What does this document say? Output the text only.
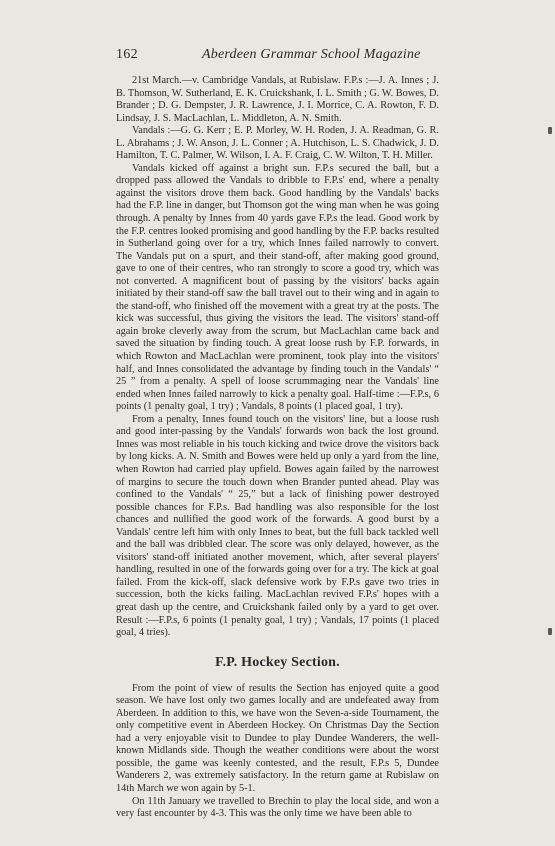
162	Aberdeen Grammar School Magazine

21st March.—v. Cambridge Vandals, at Rubislaw. F.P.s :—J. A. Innes ; J. B. Thomson, W. Sutherland, E. K. Cruickshank, I. L. Smith ; G. W. Bowes, D. Brander ; D. G. Dempster, J. R. Lawrence, J. I. Morrice, C. A. Rowton, F. D. Lindsay, J. S. MacLachlan, L. Middleton, A. N. Smith.

Vandals :—G. G. Kerr ; E. P. Morley, W. H. Roden, J. A. Readman, G. R. L. Abrahams ; J. W. Anson, J. L. Conner ; A. Hutchison, L. S. Chadwick, J. D. Hamilton, T. C. Palmer, W. Wilson, I. A. F. Craig, C. W. Wilton, T. H. Miller.

Vandals kicked off against a bright sun. F.P.s secured the ball, but a dropped pass allowed the Vandals to dribble to F.P.s' end, where a penalty against the visitors drove them back. Good handling by the Vandals' backs had the F.P. line in danger, but Thomson got the wing man when he was going through. A penalty by Innes from 40 yards gave F.P.s the lead. Good work by the F.P. centres looked promising and good handling by the F.P. backs resulted in Sutherland going over for a try, which Innes failed narrowly to convert. The Vandals put on a spurt, and their stand-off, after making good ground, gave to one of their centres, who ran strongly to score a good try, which was not converted. A magnificent bout of passing by the visitors' backs again initiated by their stand-off saw the ball travel out to their wing and in again to the stand-off, who finished off the movement with a great try at the posts. The kick was successful, thus giving the visitors the lead. The visitors' stand-off again broke cleverly away from the scrum, but MacLachlan came back and saved the situation by finding touch. A great loose rush by F.P. forwards, in which Rowton and MacLachlan were prominent, took play into the visitors' half, and Innes consolidated the advantage by finding touch in the Vandals' “ 25 ” from a penalty. A spell of loose scrummaging near the Vandals' line ended when Innes failed narrowly to kick a penalty goal. Half-time :—F.P.s, 6 points (1 penalty goal, 1 try) ; Vandals, 8 points (1 placed goal, 1 try).

From a penalty, Innes found touch on the visitors' line, but a loose rush and good inter-passing by the Vandals' forwards won back the lost ground. Innes was most reliable in his touch kicking and twice drove the visitors back by long kicks. A. N. Smith and Bowes were held up only a yard from the line, when Rowton had carried play upfield. Bowes again failed by the narrowest of margins to secure the touch down when Brander punted ahead. Play was confined to the Vandals' “ 25,” but a lack of finishing power destroyed possible chances for F.P.s. Bad handling was also responsible for the lost chances and nullified the good work of the forwards. A good burst by a Vandals' centre left him with only Innes to beat, but the full back tackled well and the ball was dribbled clear. The score was only delayed, however, as the visitors' stand-off initiated another movement, which, after several players' handling, resulted in one of the forwards going over for a try. The kick at goal failed. From the kick-off, slack defensive work by F.P.s gave two tries in succession, both the kicks failing. MacLachlan revived F.P.s' hopes with a great dash up the centre, and Cruickshank failed only by a yard to get over. Result :—F.P.s, 6 points (1 penalty goal, 1 try) ; Vandals, 17 points (1 placed goal, 4 tries).

F.P. Hockey Section.

From the point of view of results the Section has enjoyed quite a good season. We have lost only two games locally and are undefeated away from Aberdeen. In addition to this, we have won the Seven-a-side Tournament, the only competitive event in Aberdeen Hockey. On Christmas Day the Section had a very enjoyable visit to Dundee to play Dundee Wanderers, the well-known Midlands side. Though the weather conditions were about the worst possible, the game was keenly contested, and the result, F.P.s 5, Dundee Wanderers 2, was extremely satisfactory. In the return game at Rubislaw on 14th March we won again by 5-1.

On 11th January we travelled to Brechin to play the local side, and won a very fast encounter by 4-3. This was the only time we have been able to
